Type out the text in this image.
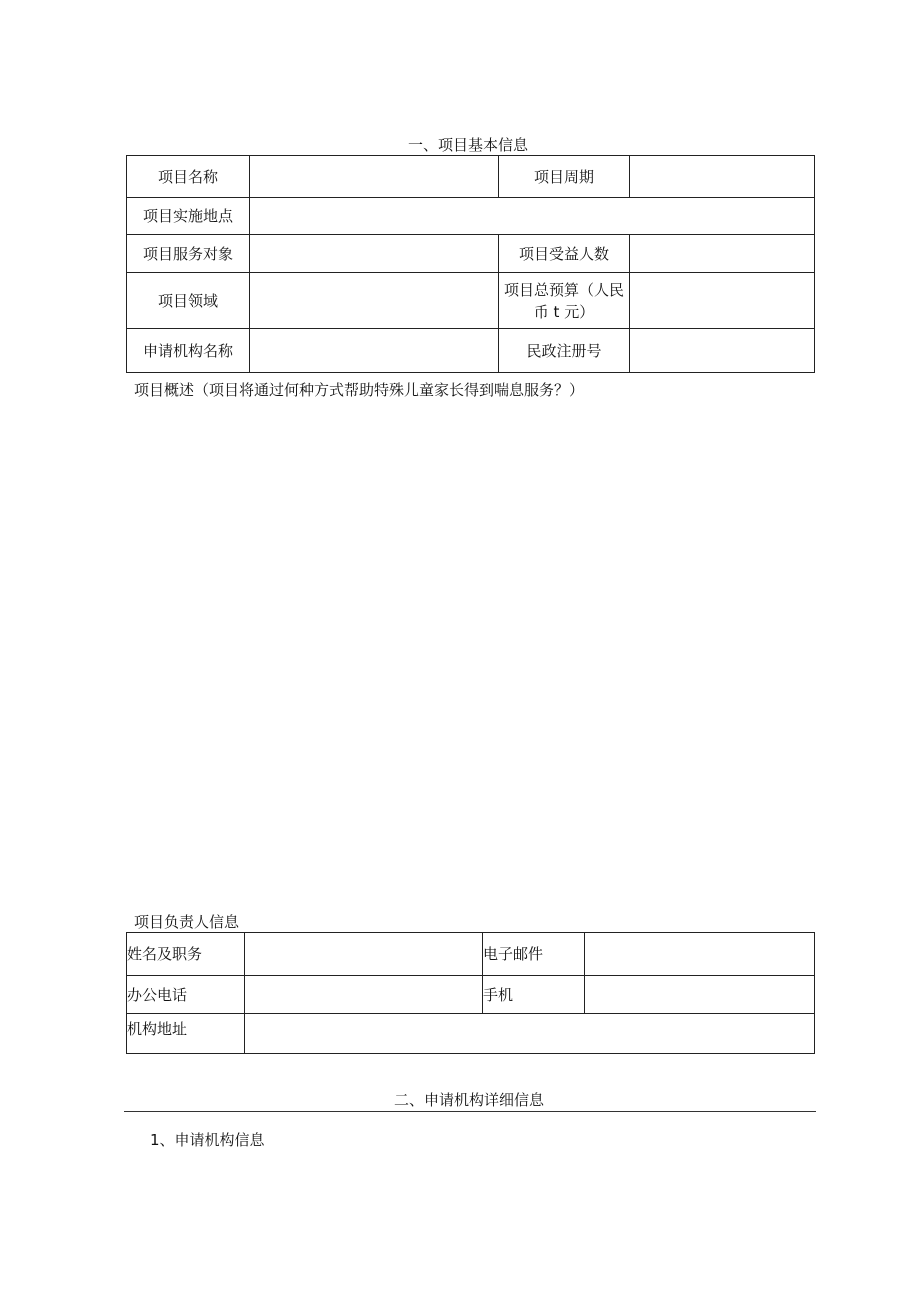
一、项目基本信息
项目名称		项目周期	
项目实施地点			
项目服务对象		项目受益人数	
项目领域		项目总预算（人民
币 t 元）	

申请机构名称		民政注册号	
项目概述（项目将通过何种方式帮助特殊儿童家长得到喘息服务？）
项目负责人信息
姓名及职务		电子邮件	
办公电话		手机	
机构地址			
二、申请机构详细信息
1、申请机构信息
